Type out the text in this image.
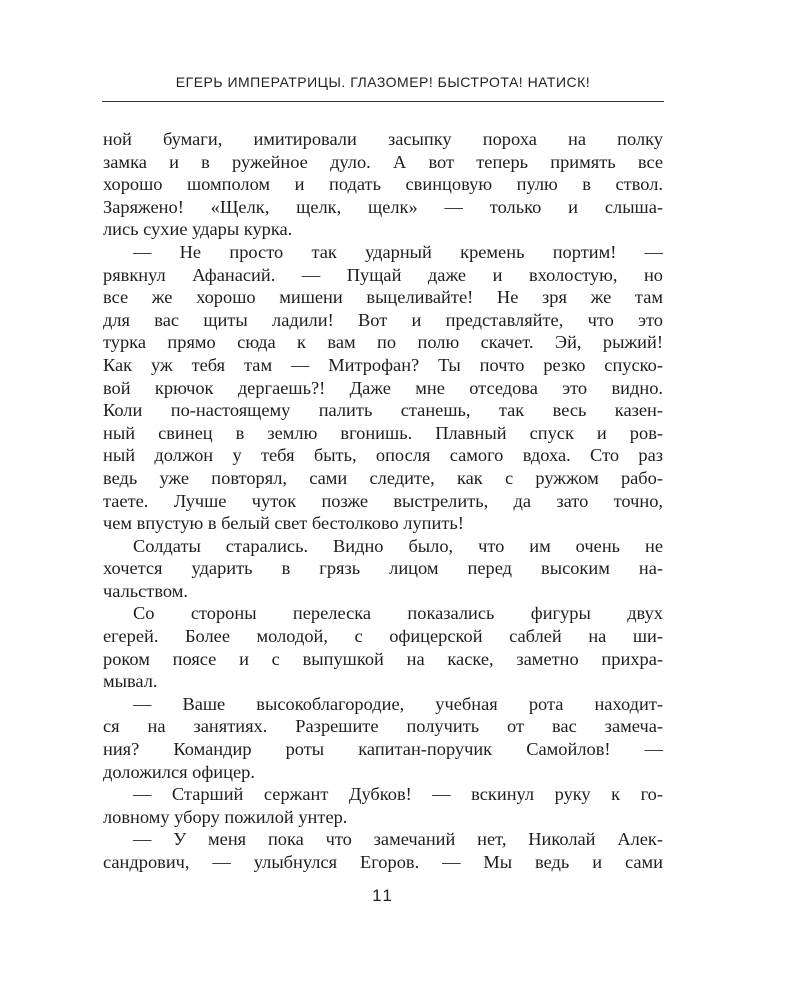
ЕГЕРЬ ИМПЕРАТРИЦЫ. ГЛАЗОМЕР! БЫСТРОТА! НАТИСК!
ной бумаги, имитировали засыпку пороха на полку
замка и в ружейное дуло. А вот теперь примять все
хорошо шомполом и подать свинцовую пулю в ствол.
Заряжено! «Щелк, щелк, щелк» — только и слыша-
лись сухие удары курка.
— Не просто так ударный кремень портим! —
рявкнул Афанасий. — Пущай даже и вхолостую, но
все же хорошо мишени выцеливайте! Не зря же там
для вас щиты ладили! Вот и представляйте, что это
турка прямо сюда к вам по полю скачет. Эй, рыжий!
Как уж тебя там — Митрофан? Ты почто резко спуско-
вой крючок дергаешь?! Даже мне отседова это видно.
Коли по-настоящему палить станешь, так весь казен-
ный свинец в землю вгонишь. Плавный спуск и ров-
ный должон у тебя быть, опосля самого вдоха. Сто раз
ведь уже повторял, сами следите, как с ружжом рабо-
таете. Лучше чуток позже выстрелить, да зато точно,
чем впустую в белый свет бестолково лупить!
Солдаты старались. Видно было, что им очень не
хочется ударить в грязь лицом перед высоким на-
чальством.
Со стороны перелеска показались фигуры двух
егерей. Более молодой, с офицерской саблей на ши-
роком поясе и с выпушкой на каске, заметно прихра-
мывал.
— Ваше высокоблагородие, учебная рота находит-
ся на занятиях. Разрешите получить от вас замеча-
ния? Командир роты капитан-поручик Самойлов! —
доложился офицер.
— Старший сержант Дубков! — вскинул руку к го-
ловному убору пожилой унтер.
— У меня пока что замечаний нет, Николай Алек-
сандрович, — улыбнулся Егоров. — Мы ведь и сами
11
